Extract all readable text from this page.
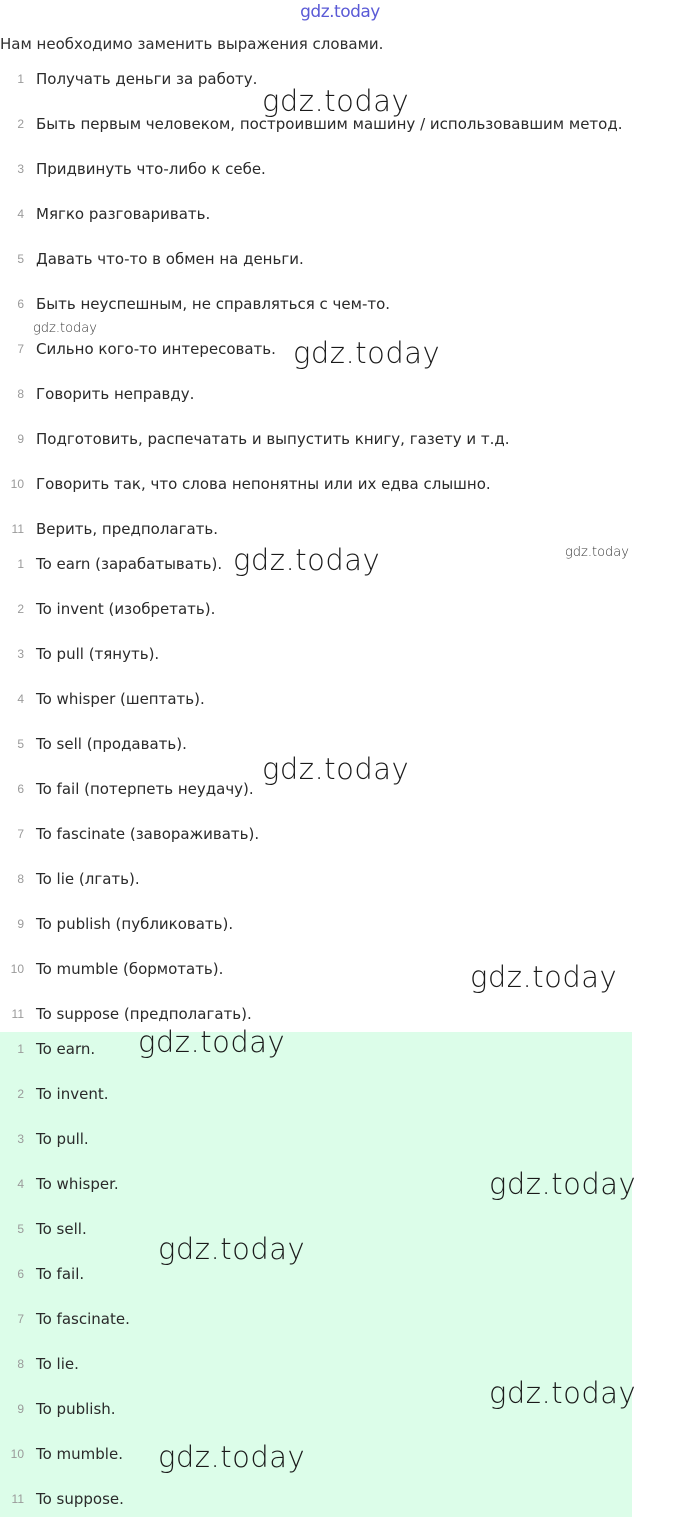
gdz.today
Нам необходимо заменить выражения словами.
1 Получать деньги за работу.
2 Быть первым человеком, построившим машину / использовавшим метод.
3 Придвинуть что-либо к себе.
4 Мягко разговаривать.
5 Давать что-то в обмен на деньги.
6 Быть неуспешным, не справляться с чем-то.
7 Сильно кого-то интересовать.
8 Говорить неправду.
9 Подготовить, распечатать и выпустить книгу, газету и т.д.
10 Говорить так, что слова непонятны или их едва слышно.
11 Верить, предполагать.
1 To earn (зарабатывать).
2 To invent (изобретать).
3 To pull (тянуть).
4 To whisper (шептать).
5 To sell (продавать).
6 To fail (потерпеть неудачу).
7 To fascinate (завораживать).
8 To lie (лгать).
9 To publish (публиковать).
10 To mumble (бормотать).
11 To suppose (предполагать).
1 To earn.
2 To invent.
3 To pull.
4 To whisper.
5 To sell.
6 To fail.
7 To fascinate.
8 To lie.
9 To publish.
10 To mumble.
11 To suppose.
gdz.today
gdz.today
gdz.today
gdz.today
gdz.today
gdz.today
gdz.today
gdz.today
gdz.today
gdz.today
gdz.today
gdz.today
